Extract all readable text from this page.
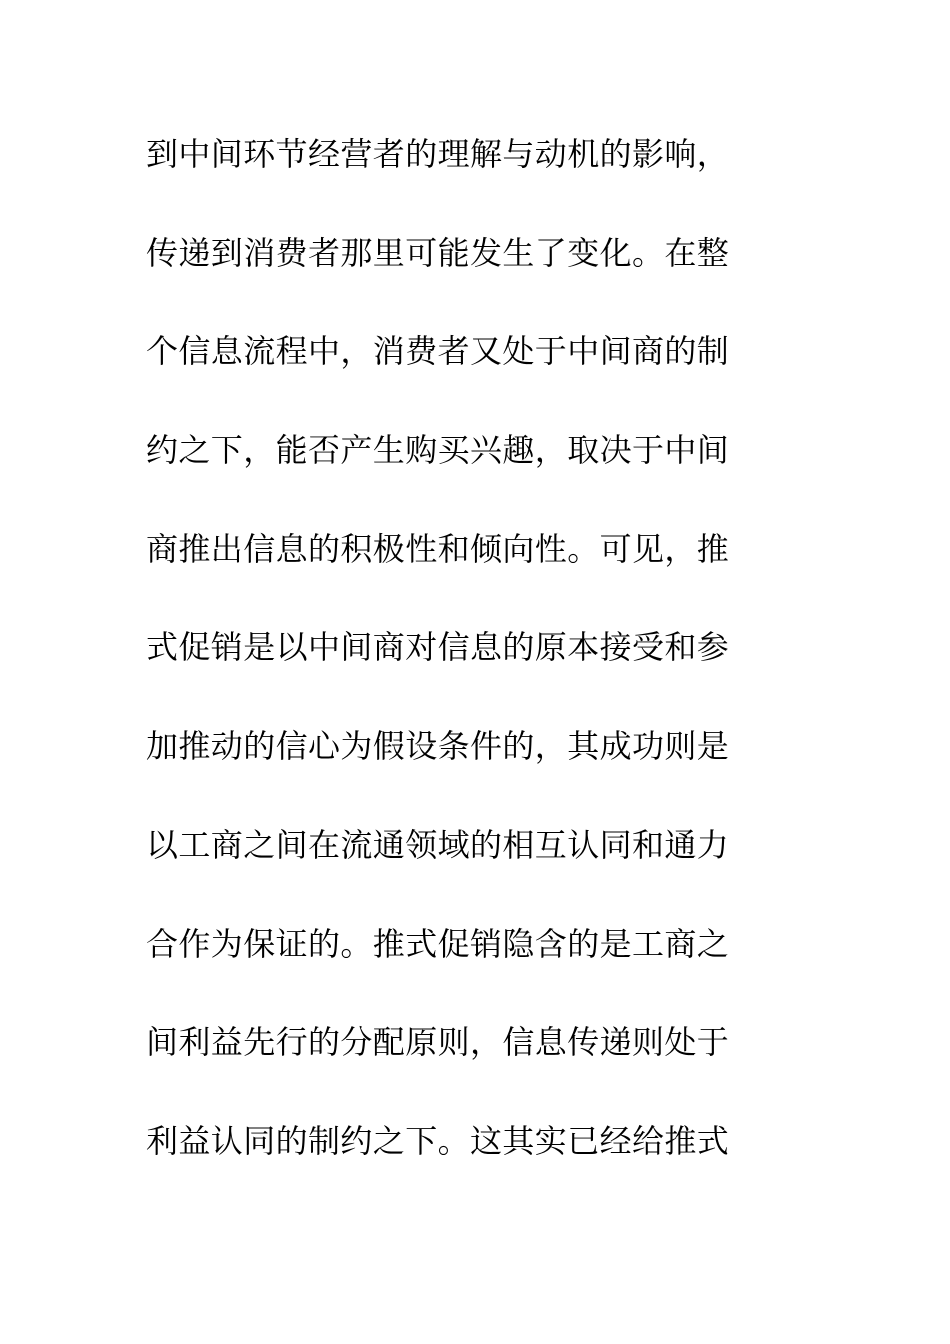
到中间环节经营者的理解与动机的影响，
传递到消费者那里可能发生了变化。在整
个信息流程中，消费者又处于中间商的制
约之下，能否产生购买兴趣，取决于中间
商推出信息的积极性和倾向性。可见，推
式促销是以中间商对信息的原本接受和参
加推动的信心为假设条件的，其成功则是
以工商之间在流通领域的相互认同和通力
合作为保证的。推式促销隐含的是工商之
间利益先行的分配原则，信息传递则处于
利益认同的制约之下。这其实已经给推式
